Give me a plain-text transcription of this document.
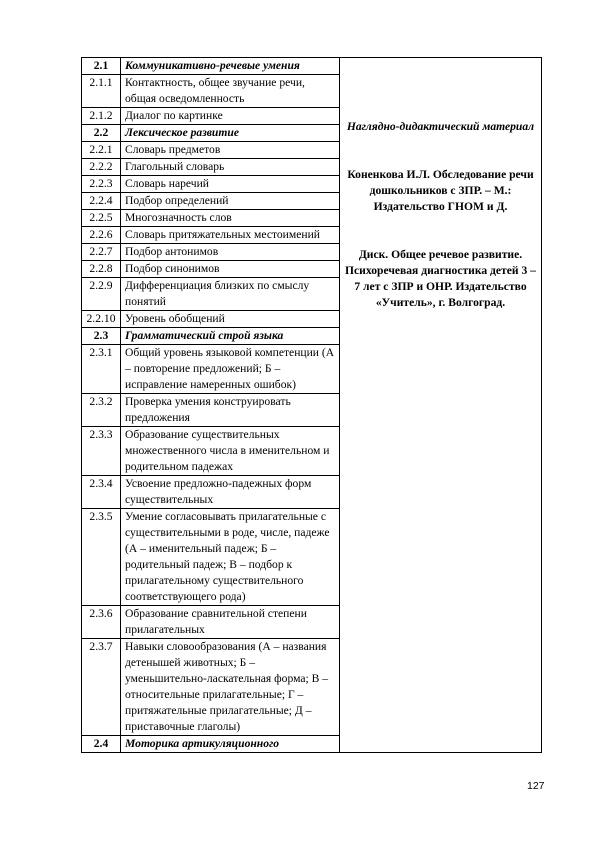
2.1	Коммуникативно-речевые умения	Наглядно-дидактический материал
Коненкова И.Л. Обследование речи дошкольников с ЗПР. – М.: Издательство ГНОМ и Д.
Диск. Общее речевое развитие. Психоречевая диагностика детей 3 – 7 лет с ЗПР и ОНР. Издательство «Учитель», г. Волгоград.

2.1.1	Контактность, общее звучание речи, общая осведомленность	
2.1.2	Диалог по картинке	
2.2	Лексическое развитие	
2.2.1	Словарь предметов	
2.2.2	Глагольный словарь	
2.2.3	Словарь наречий	
2.2.4	Подбор определений	
2.2.5	Многозначность слов	
2.2.6	Словарь притяжательных местоимений	
2.2.7	Подбор антонимов	
2.2.8	Подбор синонимов	
2.2.9	Дифференциация близких по смыслу понятий	
2.2.10	Уровень обобщений	
2.3	Грамматический строй языка	
2.3.1	Общий уровень языковой компетенции (А – повторение предложений; Б – исправление намеренных ошибок)	
2.3.2	Проверка умения конструировать предложения	
2.3.3	Образование существительных множественного числа в именительном и родительном падежах	
2.3.4	Усвоение предложно-падежных форм существительных	
2.3.5	Умение согласовывать прилагательные с существительными в роде, числе, падеже (А – именительный падеж; Б – родительный падеж; В – подбор к прилагательному существительного соответствующего рода)	
2.3.6	Образование сравнительной степени прилагательных	
2.3.7	Навыки словообразования (А – названия детенышей животных; Б – уменьшительно-ласкательная форма; В – относительные прилагательные; Г – притяжательные прилагательные; Д – приставочные глаголы)	
2.4	Моторика артикуляционного	
127
